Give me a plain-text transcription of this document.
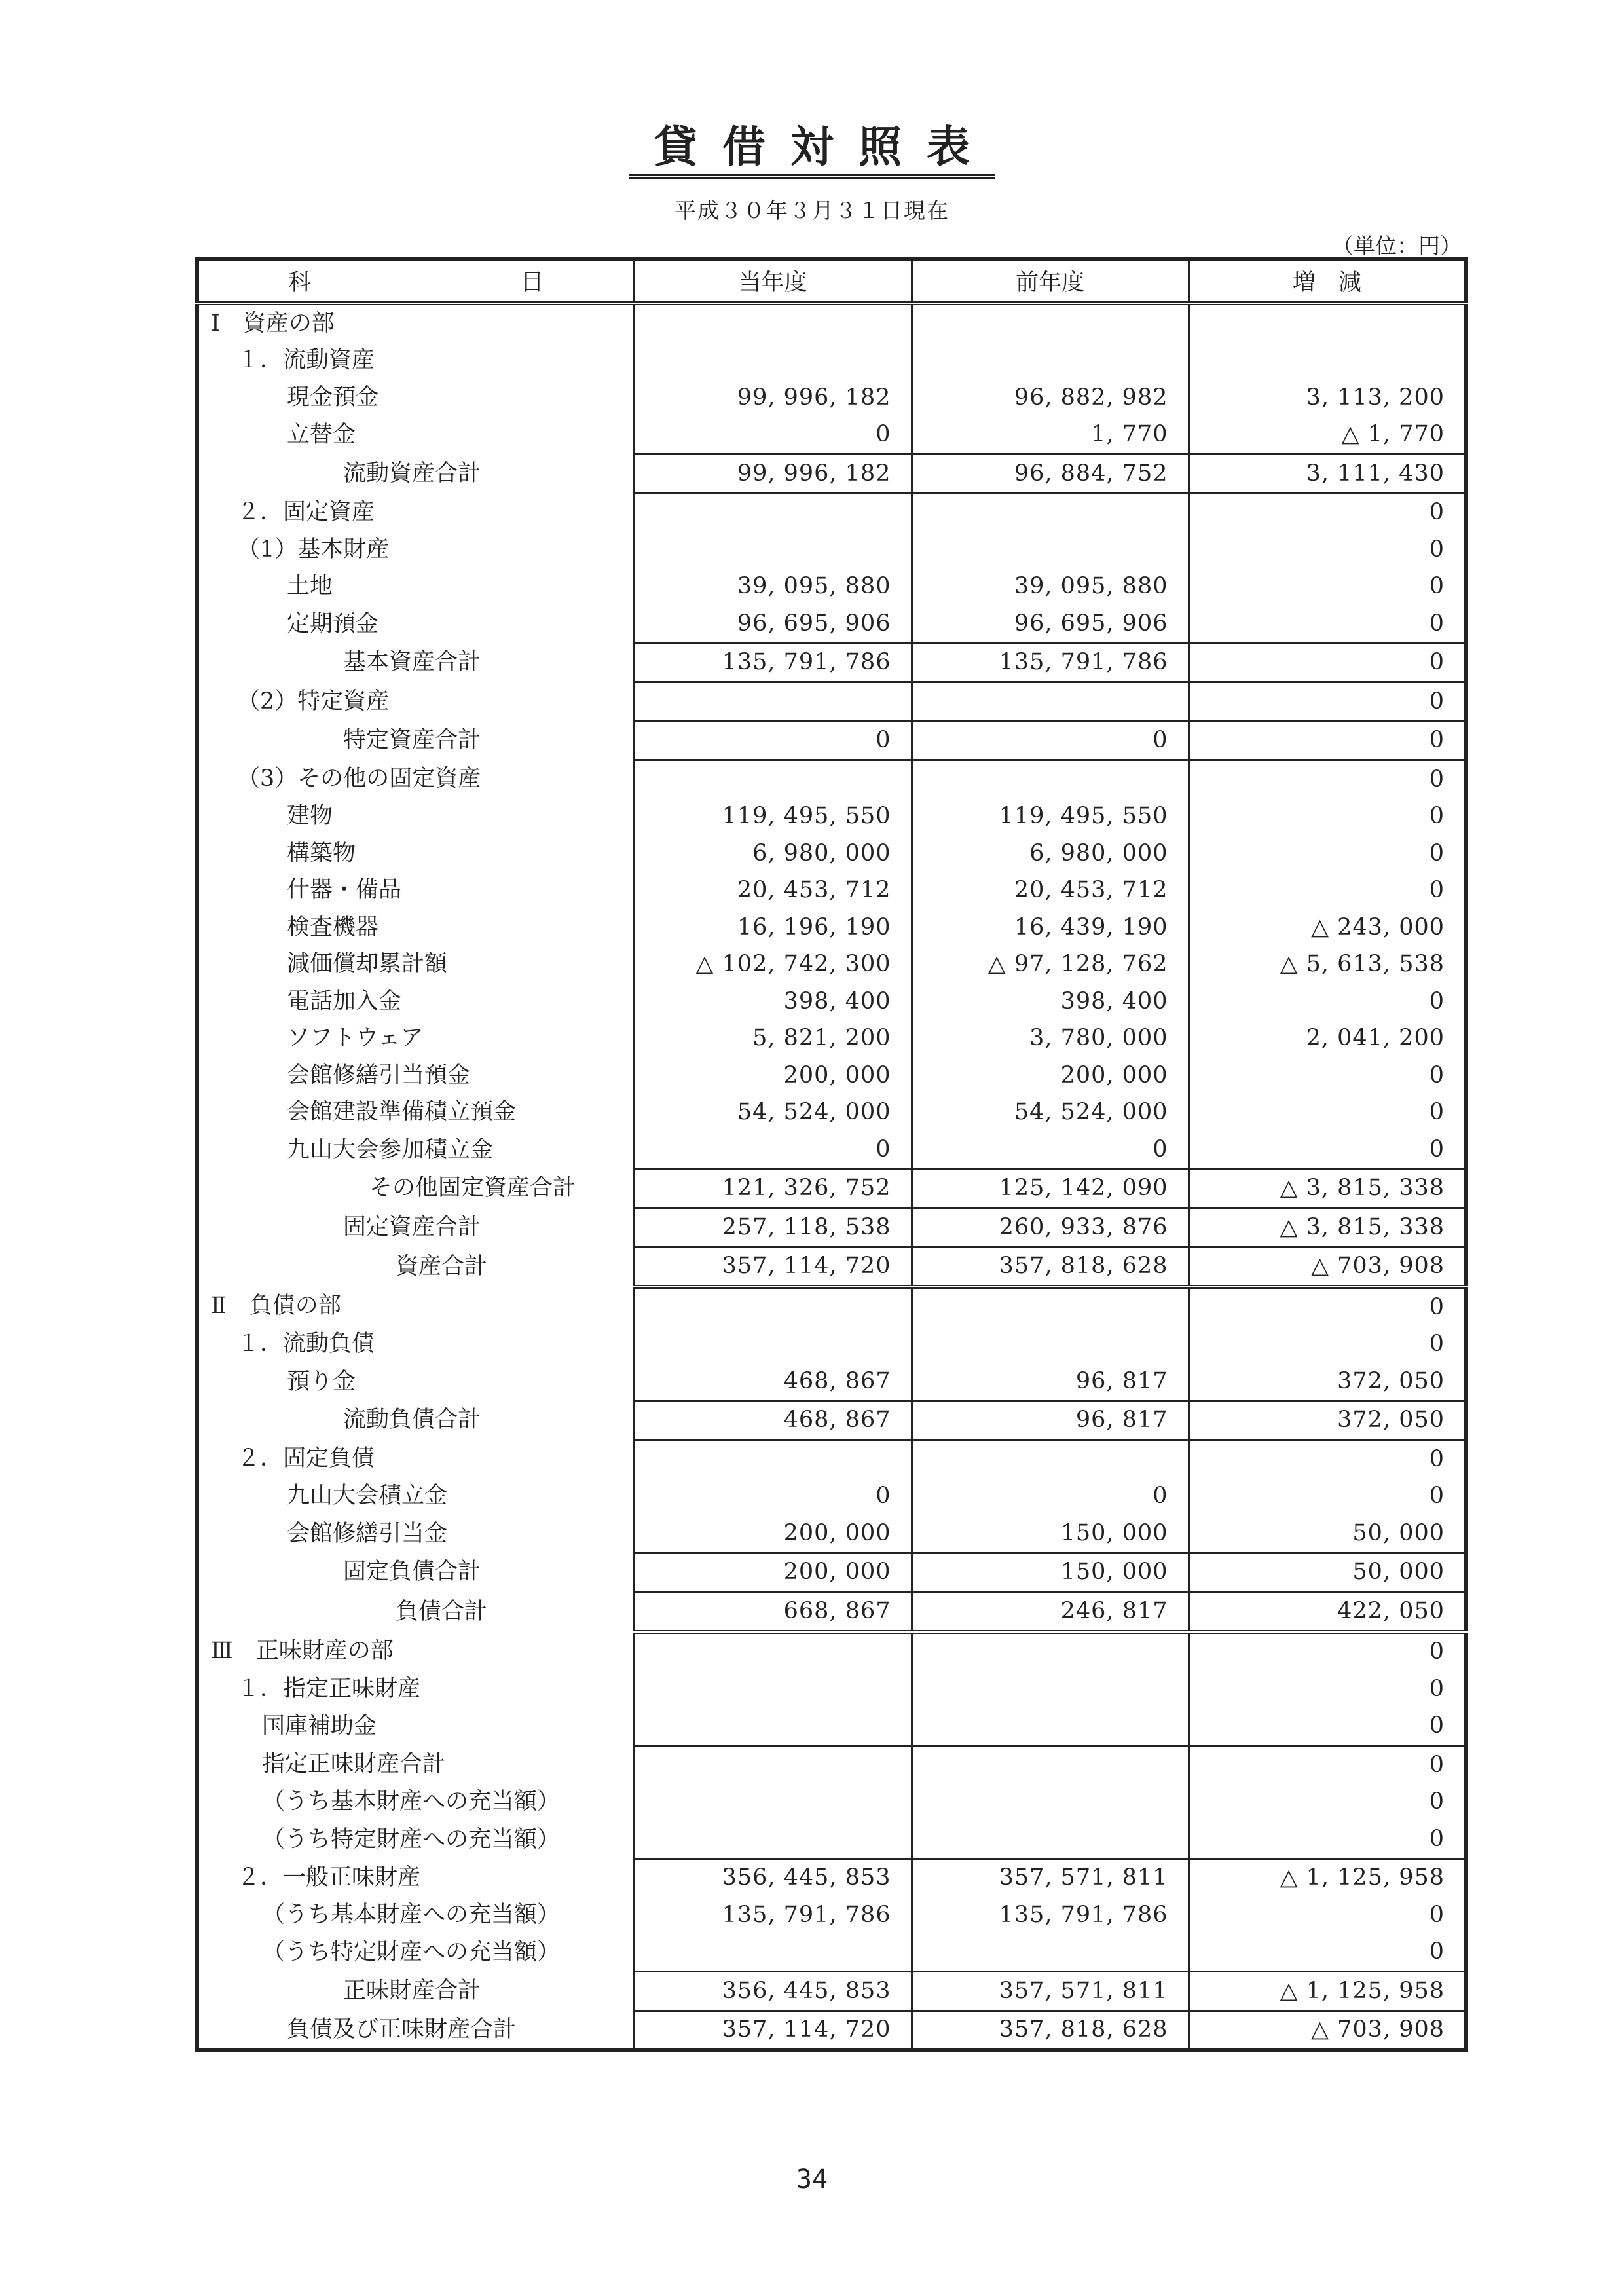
貸借対照表
平成３０年３月３１日現在
（単位：円）
科 目	当年度	前年度	増　減
Ⅰ　資産の部			
１．流動資産			
現金預金	99, 996, 182	96, 882, 982	3, 113, 200
立替金	0	1, 770	△ 1, 770
流動資産合計	99, 996, 182	96, 884, 752	3, 111, 430
２．固定資産			0
（1）基本財産			0
土地	39, 095, 880	39, 095, 880	0
定期預金	96, 695, 906	96, 695, 906	0
基本資産合計	135, 791, 786	135, 791, 786	0
（2）特定資産			0
特定資産合計	0	0	0
（3）その他の固定資産			0
建物	119, 495, 550	119, 495, 550	0
構築物	6, 980, 000	6, 980, 000	0
什器・備品	20, 453, 712	20, 453, 712	0
検査機器	16, 196, 190	16, 439, 190	△ 243, 000
減価償却累計額	△ 102, 742, 300	△ 97, 128, 762	△ 5, 613, 538
電話加入金	398, 400	398, 400	0
ソフトウェア	5, 821, 200	3, 780, 000	2, 041, 200
会館修繕引当預金	200, 000	200, 000	0
会館建設準備積立預金	54, 524, 000	54, 524, 000	0
九山大会参加積立金	0	0	0
その他固定資産合計	121, 326, 752	125, 142, 090	△ 3, 815, 338
固定資産合計	257, 118, 538	260, 933, 876	△ 3, 815, 338
資産合計	357, 114, 720	357, 818, 628	△ 703, 908
Ⅱ　負債の部			0
１．流動負債			0
預り金	468, 867	96, 817	372, 050
流動負債合計	468, 867	96, 817	372, 050
２．固定負債			0
九山大会積立金	0	0	0
会館修繕引当金	200, 000	150, 000	50, 000
固定負債合計	200, 000	150, 000	50, 000
負債合計	668, 867	246, 817	422, 050
Ⅲ　正味財産の部			0
１．指定正味財産			0
国庫補助金			0
指定正味財産合計			0
（うち基本財産への充当額）			0
（うち特定財産への充当額）			0
２．一般正味財産	356, 445, 853	357, 571, 811	△ 1, 125, 958
（うち基本財産への充当額）	135, 791, 786	135, 791, 786	0
（うち特定財産への充当額）			0
正味財産合計	356, 445, 853	357, 571, 811	△ 1, 125, 958
負債及び正味財産合計	357, 114, 720	357, 818, 628	△ 703, 908
34
